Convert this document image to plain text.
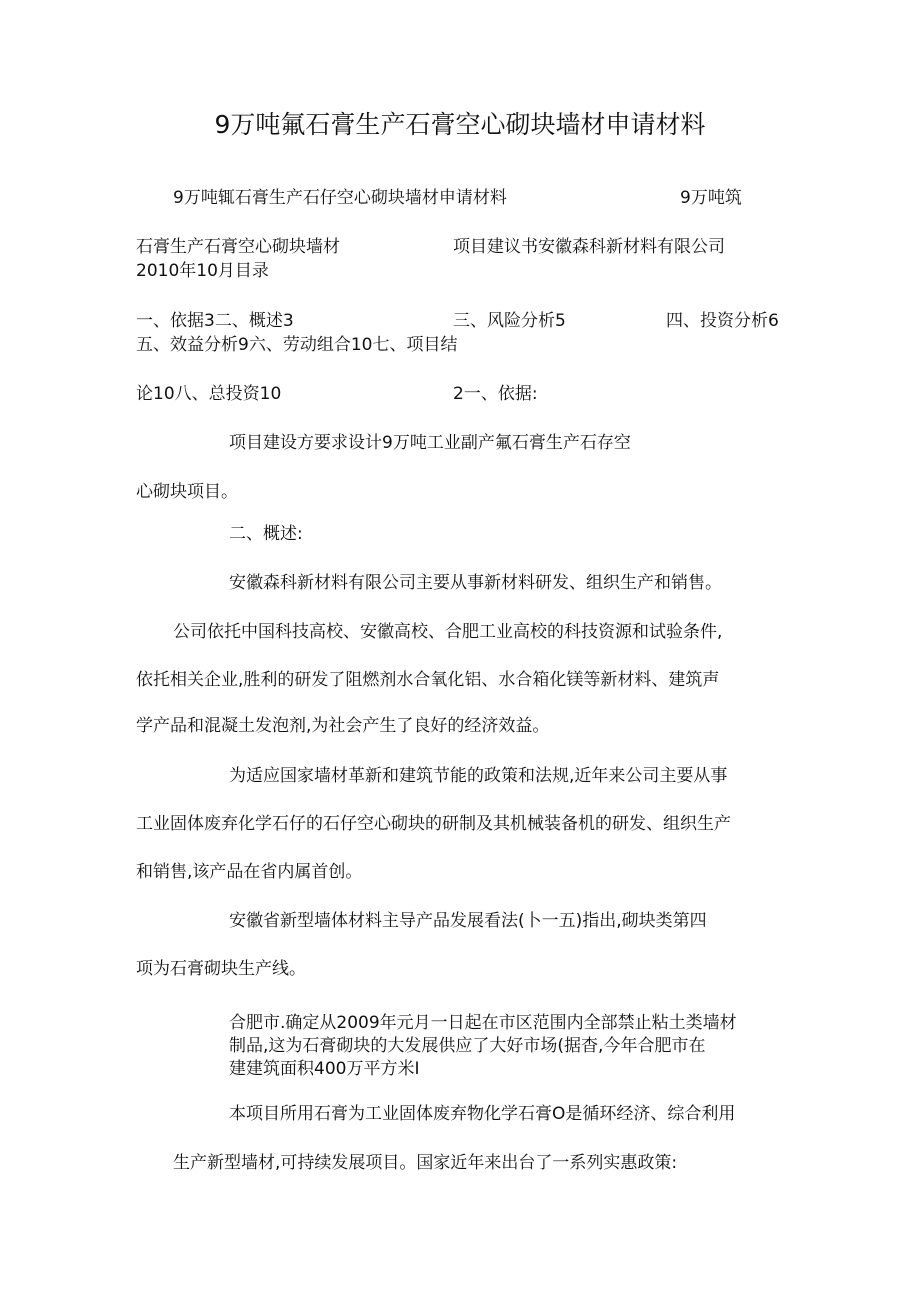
9万吨氟石膏生产石膏空心砌块墙材申请材料
9万吨辄石膏生产石仔空心砌块墙材申请材料	9万吨筑
石膏生产石膏空心砌块墙材	项目建议书安徽森科新材料有限公司
2010年10月目录
一、依据3二、概述3	三、风险分析5	四、投资分析6
五、效益分析9六、劳动组合10七、项目结
论10八、总投资10	2一、依据:
项目建设方要求设计9万吨工业副产氟石膏生产石存空
心砌块项目。
二、概述:
安徽森科新材料有限公司主要从事新材料研发、组织生产和销售。
公司依托中国科技高校、安徽高校、合肥工业高校的科技资源和试验条件,
依托相关企业,胜利的研发了阻燃剂水合氧化铝、水合箱化镁等新材料、建筑声
学产品和混凝土发泡剂,为社会产生了良好的经济效益。
为适应国家墙材革新和建筑节能的政策和法规,近年来公司主要从事
工业固体废弃化学石仔的石仔空心砌块的研制及其机械装备机的研发、组织生产
和销售,该产品在省内属首创。
安徽省新型墙体材料主导产品发展看法(卜一五)指出,砌块类第四
项为石膏砌块生产线。
合肥市.确定从2009年元月一日起在市区范围内全部禁止粘土类墙材
制品,这为石膏砌块的大发展供应了大好市场(据杳,今年合肥市在
建建筑面积400万平方米I
本项目所用石膏为工业固体废弃物化学石膏O是循环经济、综合利用
生产新型墙材,可持续发展项目。国家近年来出台了一系列实惠政策:
